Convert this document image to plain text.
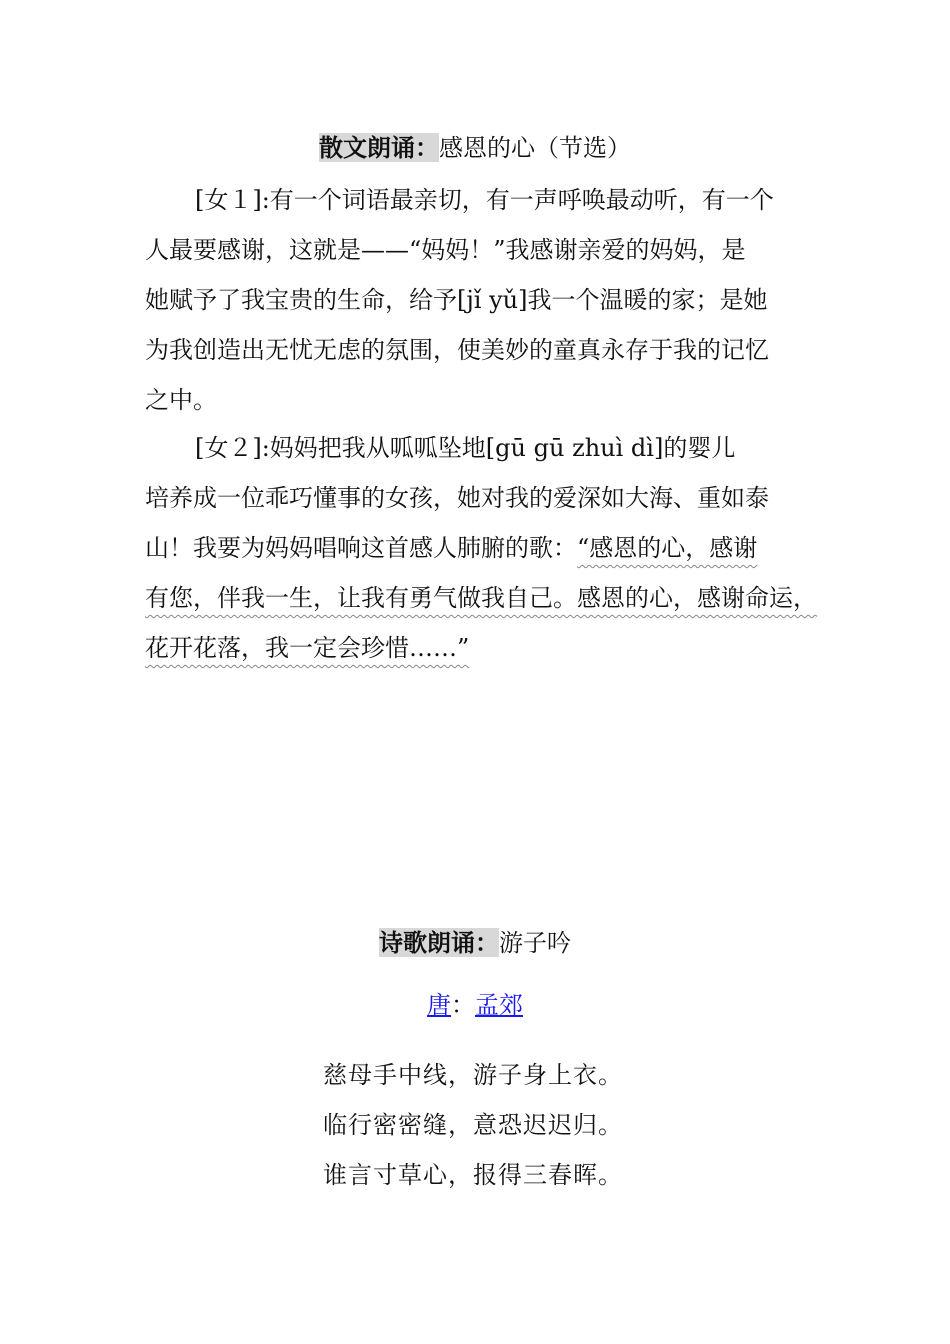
散文朗诵：感恩的心（节选）
[女１]:有一个词语最亲切，有一声呼唤最动听，有一个
人最要感谢，这就是——“妈妈！”我感谢亲爱的妈妈，是
她赋予了我宝贵的生命，给予[jǐ yǔ]我一个温暖的家；是她
为我创造出无忧无虑的氛围，使美妙的童真永存于我的记忆
之中。
[女２]:妈妈把我从呱呱坠地[gū gū zhuì dì]的婴儿
培养成一位乖巧懂事的女孩，她对我的爱深如大海、重如泰
山！我要为妈妈唱响这首感人肺腑的歌：“感恩的心，感谢
有您，伴我一生，让我有勇气做我自己。感恩的心，感谢命运，
花开花落，我一定会珍惜……”
诗歌朗诵：游子吟
唐：孟郊
慈母手中线，游子身上衣。
临行密密缝，意恐迟迟归。
谁言寸草心，报得三春晖。
